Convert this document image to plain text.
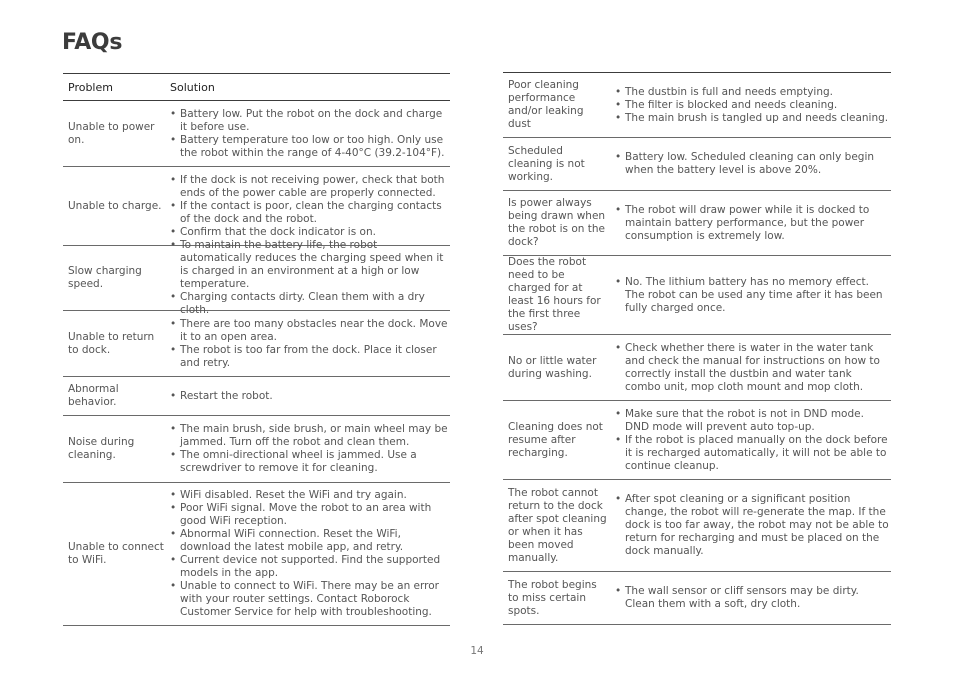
FAQs
Problem	Solution
Unable to power on.
• Battery low. Put the robot on the dock and charge it before use.
• Battery temperature too low or too high. Only use the robot within the range of 4-40°C (39.2-104°F).
Unable to charge.
• If the dock is not receiving power, check that both ends of the power cable are properly connected.
• If the contact is poor, clean the charging contacts of the dock and the robot.
• Confirm that the dock indicator is on.
Slow charging speed.
• To maintain the battery life, the robot automatically reduces the charging speed when it is charged in an environment at a high or low temperature.
• Charging contacts dirty. Clean them with a dry cloth.
Unable to return to dock.
• There are too many obstacles near the dock. Move it to an open area.
• The robot is too far from the dock. Place it closer and retry.
Abnormal behavior.
• Restart the robot.
Noise during cleaning.
• The main brush, side brush, or main wheel may be jammed. Turn off the robot and clean them.
• The omni-directional wheel is jammed. Use a screwdriver to remove it for cleaning.
Unable to connect to WiFi.
• WiFi disabled. Reset the WiFi and try again.
• Poor WiFi signal. Move the robot to an area with good WiFi reception.
• Abnormal WiFi connection. Reset the WiFi, download the latest mobile app, and retry.
• Current device not supported. Find the supported models in the app.
• Unable to connect to WiFi. There may be an error with your router settings. Contact Roborock Customer Service for help with troubleshooting.
Poor cleaning performance and/or leaking dust
• The dustbin is full and needs emptying.
• The filter is blocked and needs cleaning.
• The main brush is tangled up and needs cleaning.
Scheduled cleaning is not working.
• Battery low. Scheduled cleaning can only begin when the battery level is above 20%.
Is power always being drawn when the robot is on the dock?
• The robot will draw power while it is docked to maintain battery performance, but the power consumption is extremely low.
Does the robot need to be charged for at least 16 hours for the first three uses?
• No. The lithium battery has no memory effect. The robot can be used any time after it has been fully charged once.
No or little water during washing.
• Check whether there is water in the water tank and check the manual for instructions on how to correctly install the dustbin and water tank combo unit, mop cloth mount and mop cloth.
Cleaning does not resume after recharging.
• Make sure that the robot is not in DND mode. DND mode will prevent auto top-up.
• If the robot is placed manually on the dock before it is recharged automatically, it will not be able to continue cleanup.
The robot cannot return to the dock after spot cleaning or when it has been moved manually.
• After spot cleaning or a significant position change, the robot will re-generate the map. If the dock is too far away, the robot may not be able to return for recharging and must be placed on the dock manually.
The robot begins to miss certain spots.
• The wall sensor or cliff sensors may be dirty. Clean them with a soft, dry cloth.
14
